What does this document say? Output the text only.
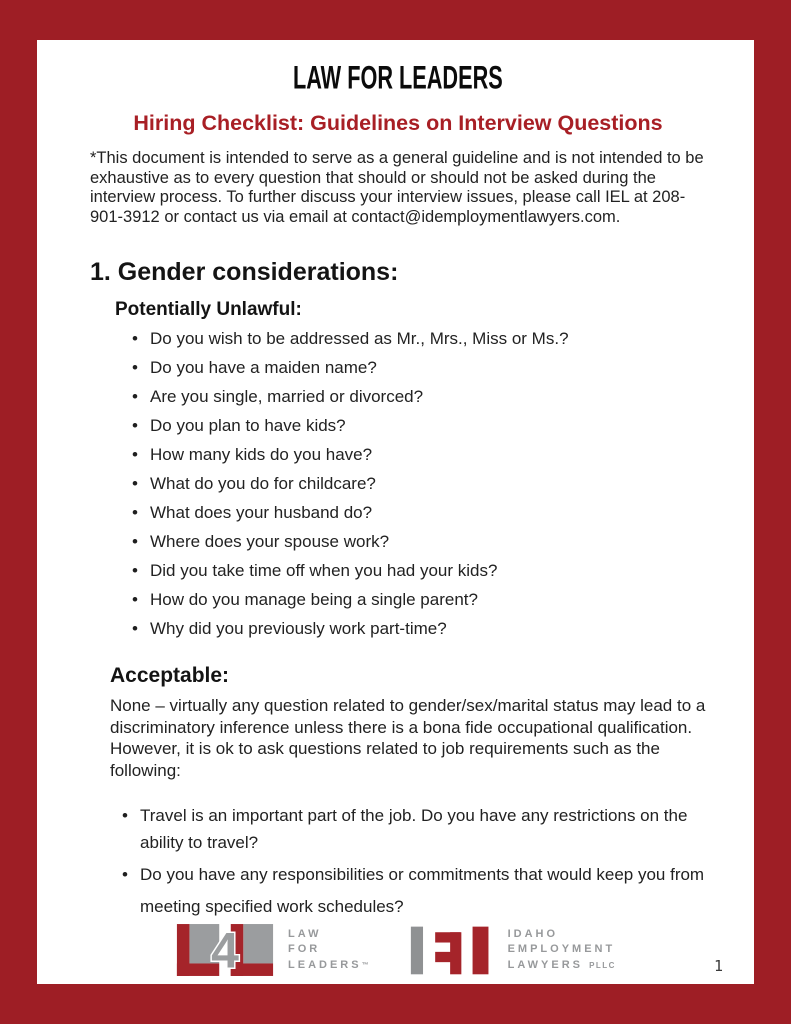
LAW FOR LEADERS
Hiring Checklist: Guidelines on Interview Questions

*This document is intended to serve as a general guideline and is not intended to be exhaustive as to every question that should or should not be asked during the interview process. To further discuss your interview issues, please call IEL at 208-901-3912 or contact us via email at contact@idemploymentlawyers.com.

1. Gender considerations:
Potentially Unlawful:
• Do you wish to be addressed as Mr., Mrs., Miss or Ms.?
• Do you have a maiden name?
• Are you single, married or divorced?
• Do you plan to have kids?
• How many kids do you have?
• What do you do for childcare?
• What does your husband do?
• Where does your spouse work?
• Did you take time off when you had your kids?
• How do you manage being a single parent?
• Why did you previously work part-time?
Acceptable:

None – virtually any question related to gender/sex/marital status may lead to a discriminatory inference unless there is a bona fide occupational qualification. However, it is ok to ask questions related to job requirements such as the following:

• Travel is an important part of the job. Do you have any restrictions on the ability to travel?
• Do you have any responsibilities or commitments that would keep you from meeting specified work schedules?
4	LAW
FOR
LEADERS™
IDAHO
EMPLOYMENT
LAWYERS PLLC	1
